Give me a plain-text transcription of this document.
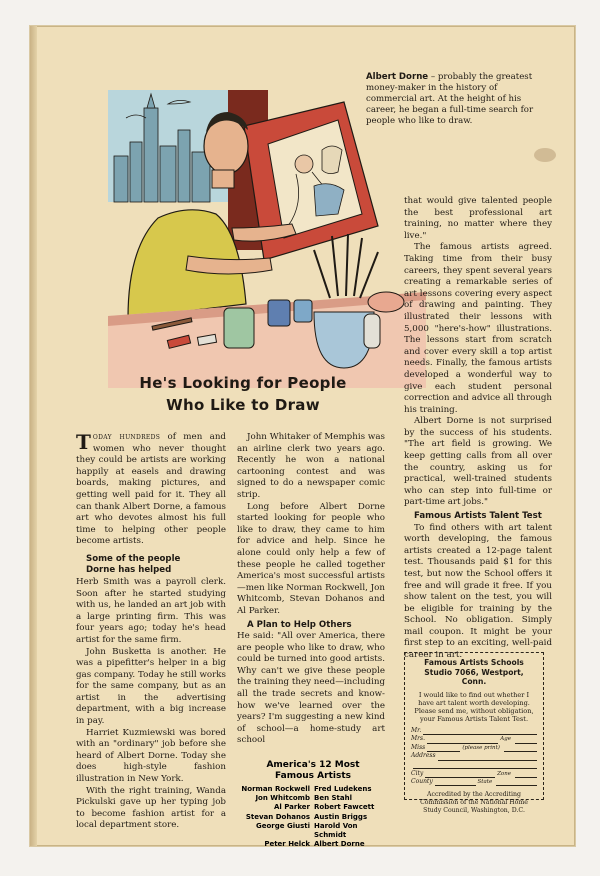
Albert Dorne – probably the greatest money-maker in the history of commercial art. At the height of his career, he began a full-time search for people who like to draw.
He's Looking for People
Who Like to Draw

Today hundreds of men and women who never thought they could be artists are working happily at easels and drawing boards, making pictures, and getting well paid for it. They all can thank Albert Dorne, a famous art who devotes almost his full time to helping other people become artists.

Some of the people

Dorne has helped

Herb Smith was a payroll clerk. Soon after he started studying with us, he landed an art job with a large printing firm. This was four years ago; today he's head artist for the same firm.

John Busketta is another. He was a pipefitter's helper in a big gas company. Today he still works for the same company, but as an artist in the advertising department, with a big increase in pay.

Harriet Kuzmiewski was bored with an "ordinary" job before she heard of Albert Dorne. Today she does high-style fashion illustration in New York.

With the right training, Wanda Pickulski gave up her typing job to become fashion artist for a local department store.

John Whitaker of Memphis was an airline clerk two years ago. Recently he won a national cartooning contest and was signed to do a newspaper comic strip.

Long before Albert Dorne started looking for people who like to draw, they came to him for advice and help. Since he alone could only help a few of these people he called together America's most successful artists—men like Norman Rockwell, Jon Whitcomb, Stevan Dohanos and Al Parker.

A Plan to Help Others

He said: "All over America, there are people who like to draw, who could be turned into good artists. Why can't we give these people the training they need—including all the trade secrets and know-how we've learned over the years? I'm suggesting a new kind of school—a home-study art school

America's 12 Most
Famous Artists
Norman Rockwell Fred Ludekens
Jon Whitcomb Ben Stahl
Al Parker Robert Fawcett
Stevan Dohanos Austin Briggs
George Giusti Harold Von Schmidt
Peter Helck Albert Dorne

that would give talented people the best professional art training, no matter where they live."

The famous artists agreed. Taking time from their busy careers, they spent several years creating a remarkable series of art lessons covering every aspect of drawing and painting. They illustrated their lessons with 5,000 "here's-how" illustrations. The lessons start from scratch and cover every skill a top artist needs. Finally, the famous artists developed a wonderful way to give each student personal correction and advice all through his training.

Albert Dorne is not surprised by the success of his students. "The art field is growing. We keep getting calls from all over the country, asking us for practical, well-trained students who can step into full-time or part-time art jobs."

Famous Artists Talent Test

To find others with art talent worth developing, the famous artists created a 12-page talent test. Thousands paid $1 for this test, but now the School offers it free and will grade it free. If you show talent on the test, you will be eligible for training by the School. No obligation. Simply mail coupon. It might be your first step to an exciting, well-paid career in art.

Famous Artists Schools
Studio 7066, Westport, Conn.
I would like to find out whether I have art talent worth developing. Please send me, without obligation, your Famous Artists Talent Test.
Mr.
Mrs.	Age
Miss	(please print)
Address
City	Zone
County	State
Accredited by the Accrediting Commission of the National Home Study Council, Washington, D.C.
